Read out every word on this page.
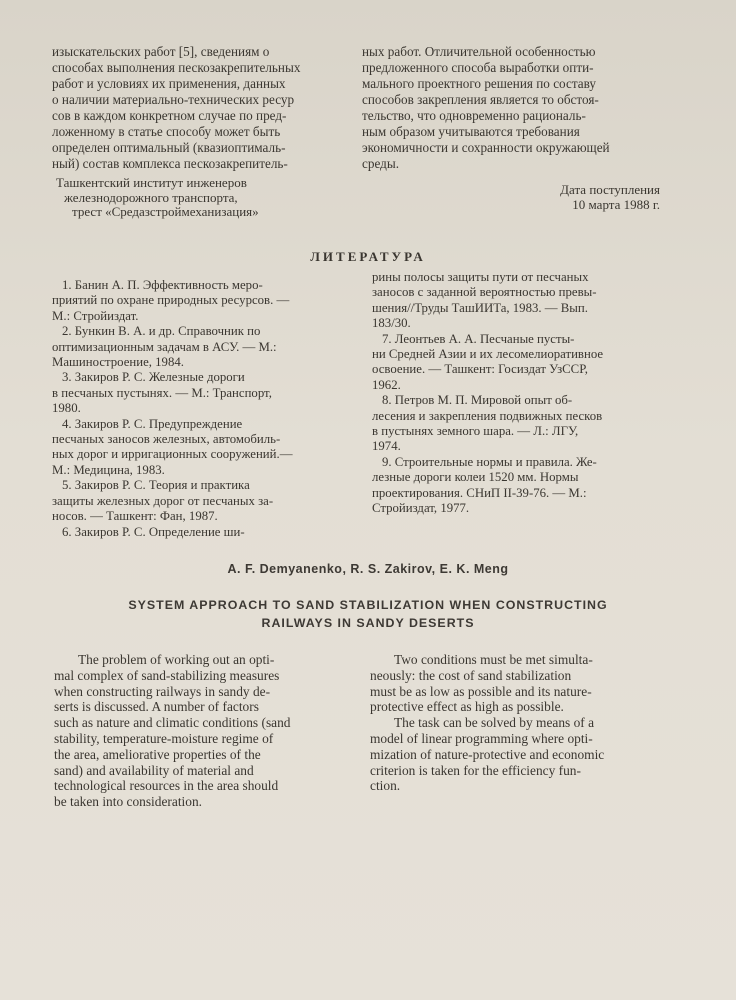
изыскательских работ [5], сведениям о
способах выполнения пескозакрепительных
работ и условиях их применения, данных
о наличии материально-технических ресур
сов в каждом конкретном случае по пред-
ложенному в статье способу может быть
определен оптимальный (квазиоптималь-
ный) состав комплекса пескозакрепитель-
ных работ. Отличительной особенностью
предложенного способа выработки опти-
мального проектного решения по составу
способов закрепления является то обстоя-
тельство, что одновременно рациональ-
ным образом учитываются требования
экономичности и сохранности окружающей
среды.
Ташкентский институт инженеров
железнодорожного транспорта,
трест «Средазстроймеханизация»
Дата поступления
10 марта 1988 г.
ЛИТЕРАТУРА
1. Банин А. П. Эффективность меро-
приятий по охране природных ресурсов. —
М.: Стройиздат.
2. Бункин В. А. и др. Справочник по
оптимизационным задачам в АСУ. — М.:
Машиностроение, 1984.
3. Закиров Р. С. Железные дороги
в песчаных пустынях. — М.: Транспорт,
1980.
4. Закиров Р. С. Предупреждение
песчаных заносов железных, автомобиль-
ных дорог и ирригационных сооружений.—
М.: Медицина, 1983.
5. Закиров Р. С. Теория и практика
защиты железных дорог от песчаных за-
носов. — Ташкент: Фан, 1987.
6. Закиров Р. С. Определение ши-
рины полосы защиты пути от песчаных
заносов с заданной вероятностью превы-
шения//Труды ТашИИТа, 1983. — Вып.
183/30.
7. Леонтьев А. А. Песчаные пусты-
ни Средней Азии и их лесомелиоративное
освоение. — Ташкент: Госиздат УзССР,
1962.
8. Петров М. П. Мировой опыт об-
лесения и закрепления подвижных песков
в пустынях земного шара. — Л.: ЛГУ,
1974.
9. Строительные нормы и правила. Же-
лезные дороги колеи 1520 мм. Нормы
проектирования. СНиП II-39-76. — М.:
Стройиздат, 1977.
A. F. Demyanenko, R. S. Zakirov, E. K. Meng
SYSTEM APPROACH TO SAND STABILIZATION WHEN CONSTRUCTING
RAILWAYS IN SANDY DESERTS
The problem of working out an opti-
mal complex of sand-stabilizing measures
when constructing railways in sandy de-
serts is discussed. A number of factors
such as nature and climatic conditions (sand
stability, temperature-moisture regime of
the area, ameliorative properties of the
sand) and availability of material and
technological resources in the area should
be taken into consideration.
Two conditions must be met simulta-
neously: the cost of sand stabilization
must be as low as possible and its nature-
protective effect as high as possible.
The task can be solved by means of a
model of linear programming where opti-
mization of nature-protective and economic
criterion is taken for the efficiency fun-
ction.
